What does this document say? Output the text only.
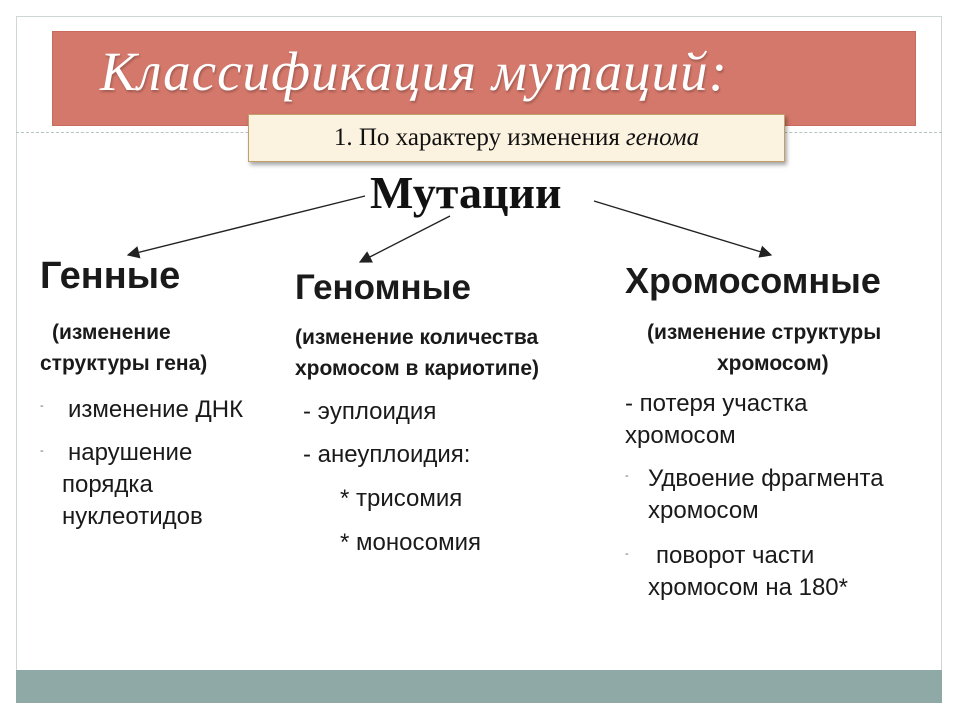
Классификация мутаций:
1. По характеру изменения генома
Мутации
Генные
(изменение
структуры гена)
- изменение ДНК
- нарушение
порядка
нуклеотидов
Геномные
(изменение количества
хромосом в кариотипе)
- эуплоидия
- анеуплоидия:
* трисомия
* моносомия
Хромосомные
(изменение структуры
хромосом)
- потеря участка
хромосом
- Удвоение фрагмента
хромосом
- поворот части
хромосом на 180*
